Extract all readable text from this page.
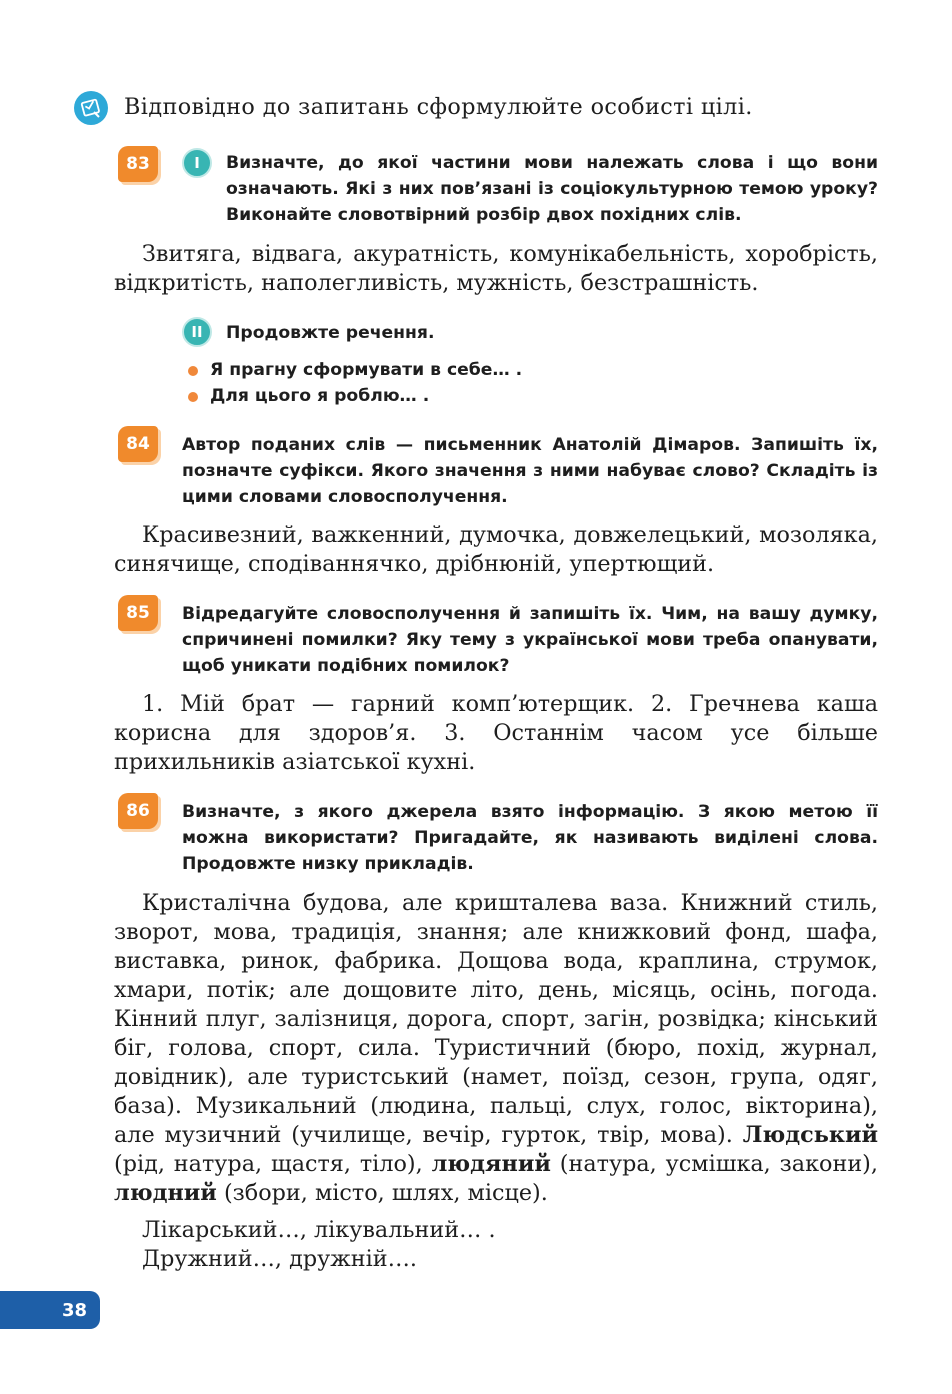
Відповідно до запитань сформулюйте особисті цілі.
83	I	Визначте, до якої частини мови належать слова і що вони означають. Які з них пов’язані із соціокультурною темою уроку? Виконайте словотвірний розбір двох похідних слів.
Звитяга, відвага, акуратність, комунікабельність, хоробрість, відкритість, наполегливість, мужність, безстрашність.
II	Продовжте речення.
Я прагну сформувати в себе… .
Для цього я роблю… .
84	Автор поданих слів — письменник Анатолій Дімаров. Запишіть їх, позначте суфікси. Якого значення з ними набуває слово? Складіть із цими словами словосполучення.
Красивезний, важкенний, думочка, довжелецький, мозоляка, синячище, сподіваннячко, дрібнюній, упертющий.
85	Відредагуйте словосполучення й запишіть їх. Чим, на вашу думку, спричинені помилки? Яку тему з української мови треба опанувати, щоб уникати подібних помилок?
1. Мій брат — гарний комп’ютерщик. 2. Гречнева каша корисна для здоров’я. 3. Останнім часом усе більше прихильників азіатської кухні.
86	Визначте, з якого джерела взято інформацію. З якою метою її можна використати? Пригадайте, як називають виділені слова. Продовжте низку прикладів.
Кристалічна будова, але кришталева ваза. Книжний стиль, зворот, мова, традиція, знання; але книжковий фонд, шафа, виставка, ринок, фабрика. Дощова вода, краплина, струмок, хмари, потік; але дощовите літо, день, місяць, осінь, погода. Кінний плуг, залізниця, дорога, спорт, загін, розвідка; кінський біг, голова, спорт, сила. Туристичний (бюро, похід, журнал, довідник), але туристський (намет, поїзд, сезон, група, одяг, база). Музикальний (людина, пальці, слух, голос, вікторина), але музичний (училище, вечір, гурток, твір, мова). Людський (рід, натура, щастя, тіло), людяний (натура, усмішка, закони), людний (збори, місто, шлях, місце).
Лікарський…, лікувальний… .
Дружний…, дружній….
38
